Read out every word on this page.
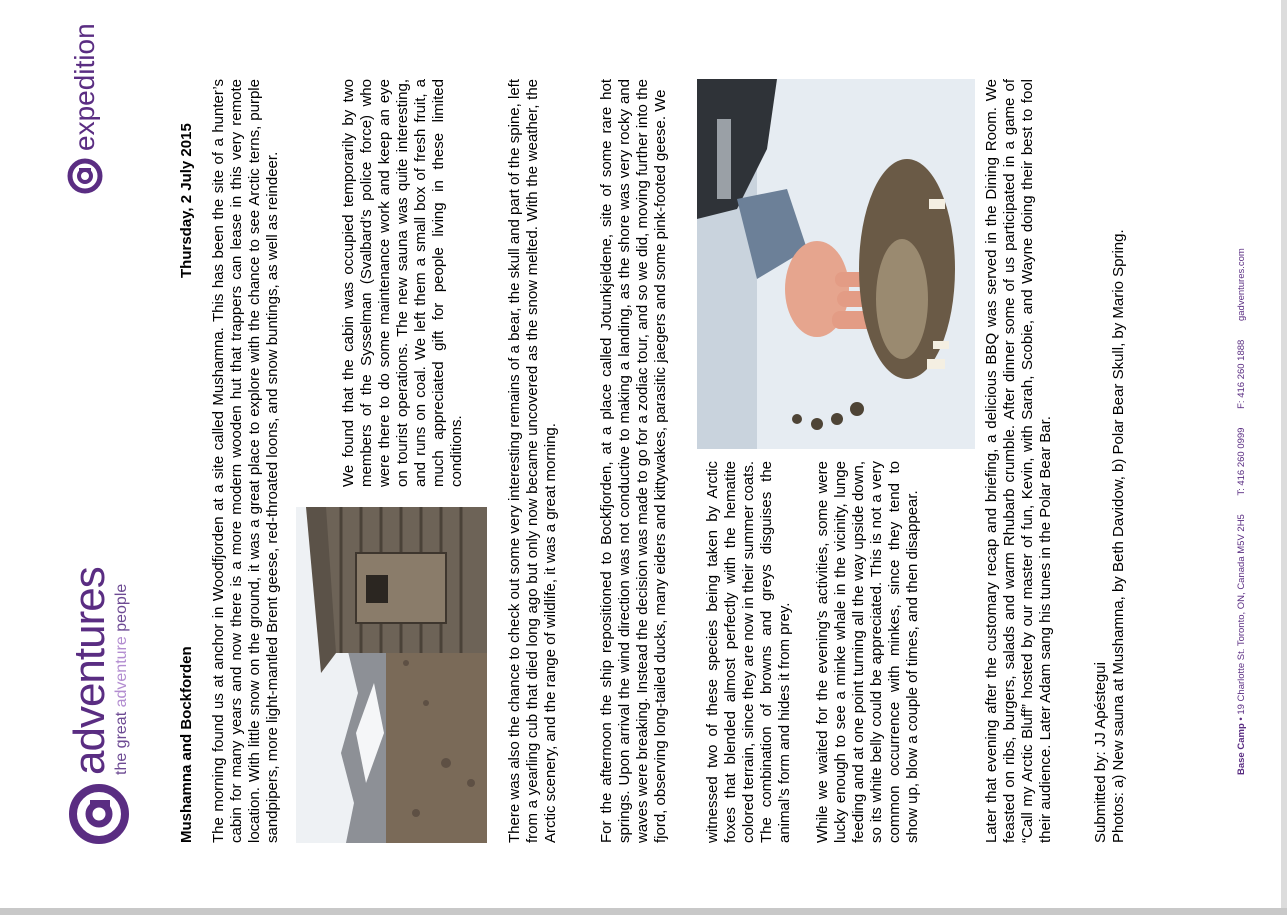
adventures the great adventure people
expedition
Mushamna and Bockforden
Thursday, 2 July 2015 The morning found us at anchor in Woodfjorden at a site called Mushamna. This has been the site of a hunter’s cabin for many years and now there is a more modern wooden hut that trappers can lease in this very remote location. With little snow on the ground, it was a great place to explore with the chance to see Arctic terns, purple sandpipers, more light-mantled Brent geese, red-throated loons, and snow buntings, as well as reindeer.	We found that the cabin was occupied temporarily by two members of the Sysselman (Svalbard’s police force) who were there to do some maintenance work and keep an eye on tourist operations. The new sauna was quite interesting, and runs on coal. We left them a small box of fresh fruit, a much appreciated gift for people living in these limited conditions.	There was also the chance to check out some very interesting remains of a bear, the skull and part of the spine, left from a yearling cub that died long ago but only now became uncovered as the snow melted. With the weather, the Arctic scenery, and the range of wildlife, it was a great morning.	For the afternoon the ship repositioned to Bockfjorden, at a place called Jotunkjeldene, site of some rare hot springs. Upon arrival the wind direction was not conductive to making a landing, as the shore was very rocky and waves were breaking. Instead the decision was made to go for a zodiac tour, and so we did, moving further into the fjord, observing long-tailed ducks, many eiders and kittywakes, parasitic jaegers and some pink-footed geese. We witnessed two of these species being taken by Arctic foxes that blended almost perfectly with the hematite colored terrain, since they are now in their summer coats. The combination of browns and greys disguises the animal’s form and hides it from prey. While we waited for the evening’s activities, some were lucky enough to see a minke whale in the vicinity, lunge feeding and at one point turning all the way upside down, so its white belly could be appreciated. This is not a very common occurrence with minkes, since they tend to show up, blow a couple of times, and then disappear.	Later that evening after the customary recap and briefing, a delicious BBQ was served in the Dining Room. We feasted on ribs, burgers, salads and warm Rhubarb crumble. After dinner some of us participated in a game of “Call my Arctic Bluff” hosted by our master of fun, Kevin, with Sarah, Scobie, and Wayne doing their best to fool their audience. Later Adam sang his tunes in the Polar Bear Bar.	Submitted by: JJ Apéstegui Photos: a) New sauna at Mushamna, by Beth Davidow, b) Polar Bear Skull, by Mario Spring.	Base Camp • 19 Charlotte St. Toronto, ON, Canada M5V 2H5 T: 416 260 0999 F: 416 260 1888 gadventures.com
